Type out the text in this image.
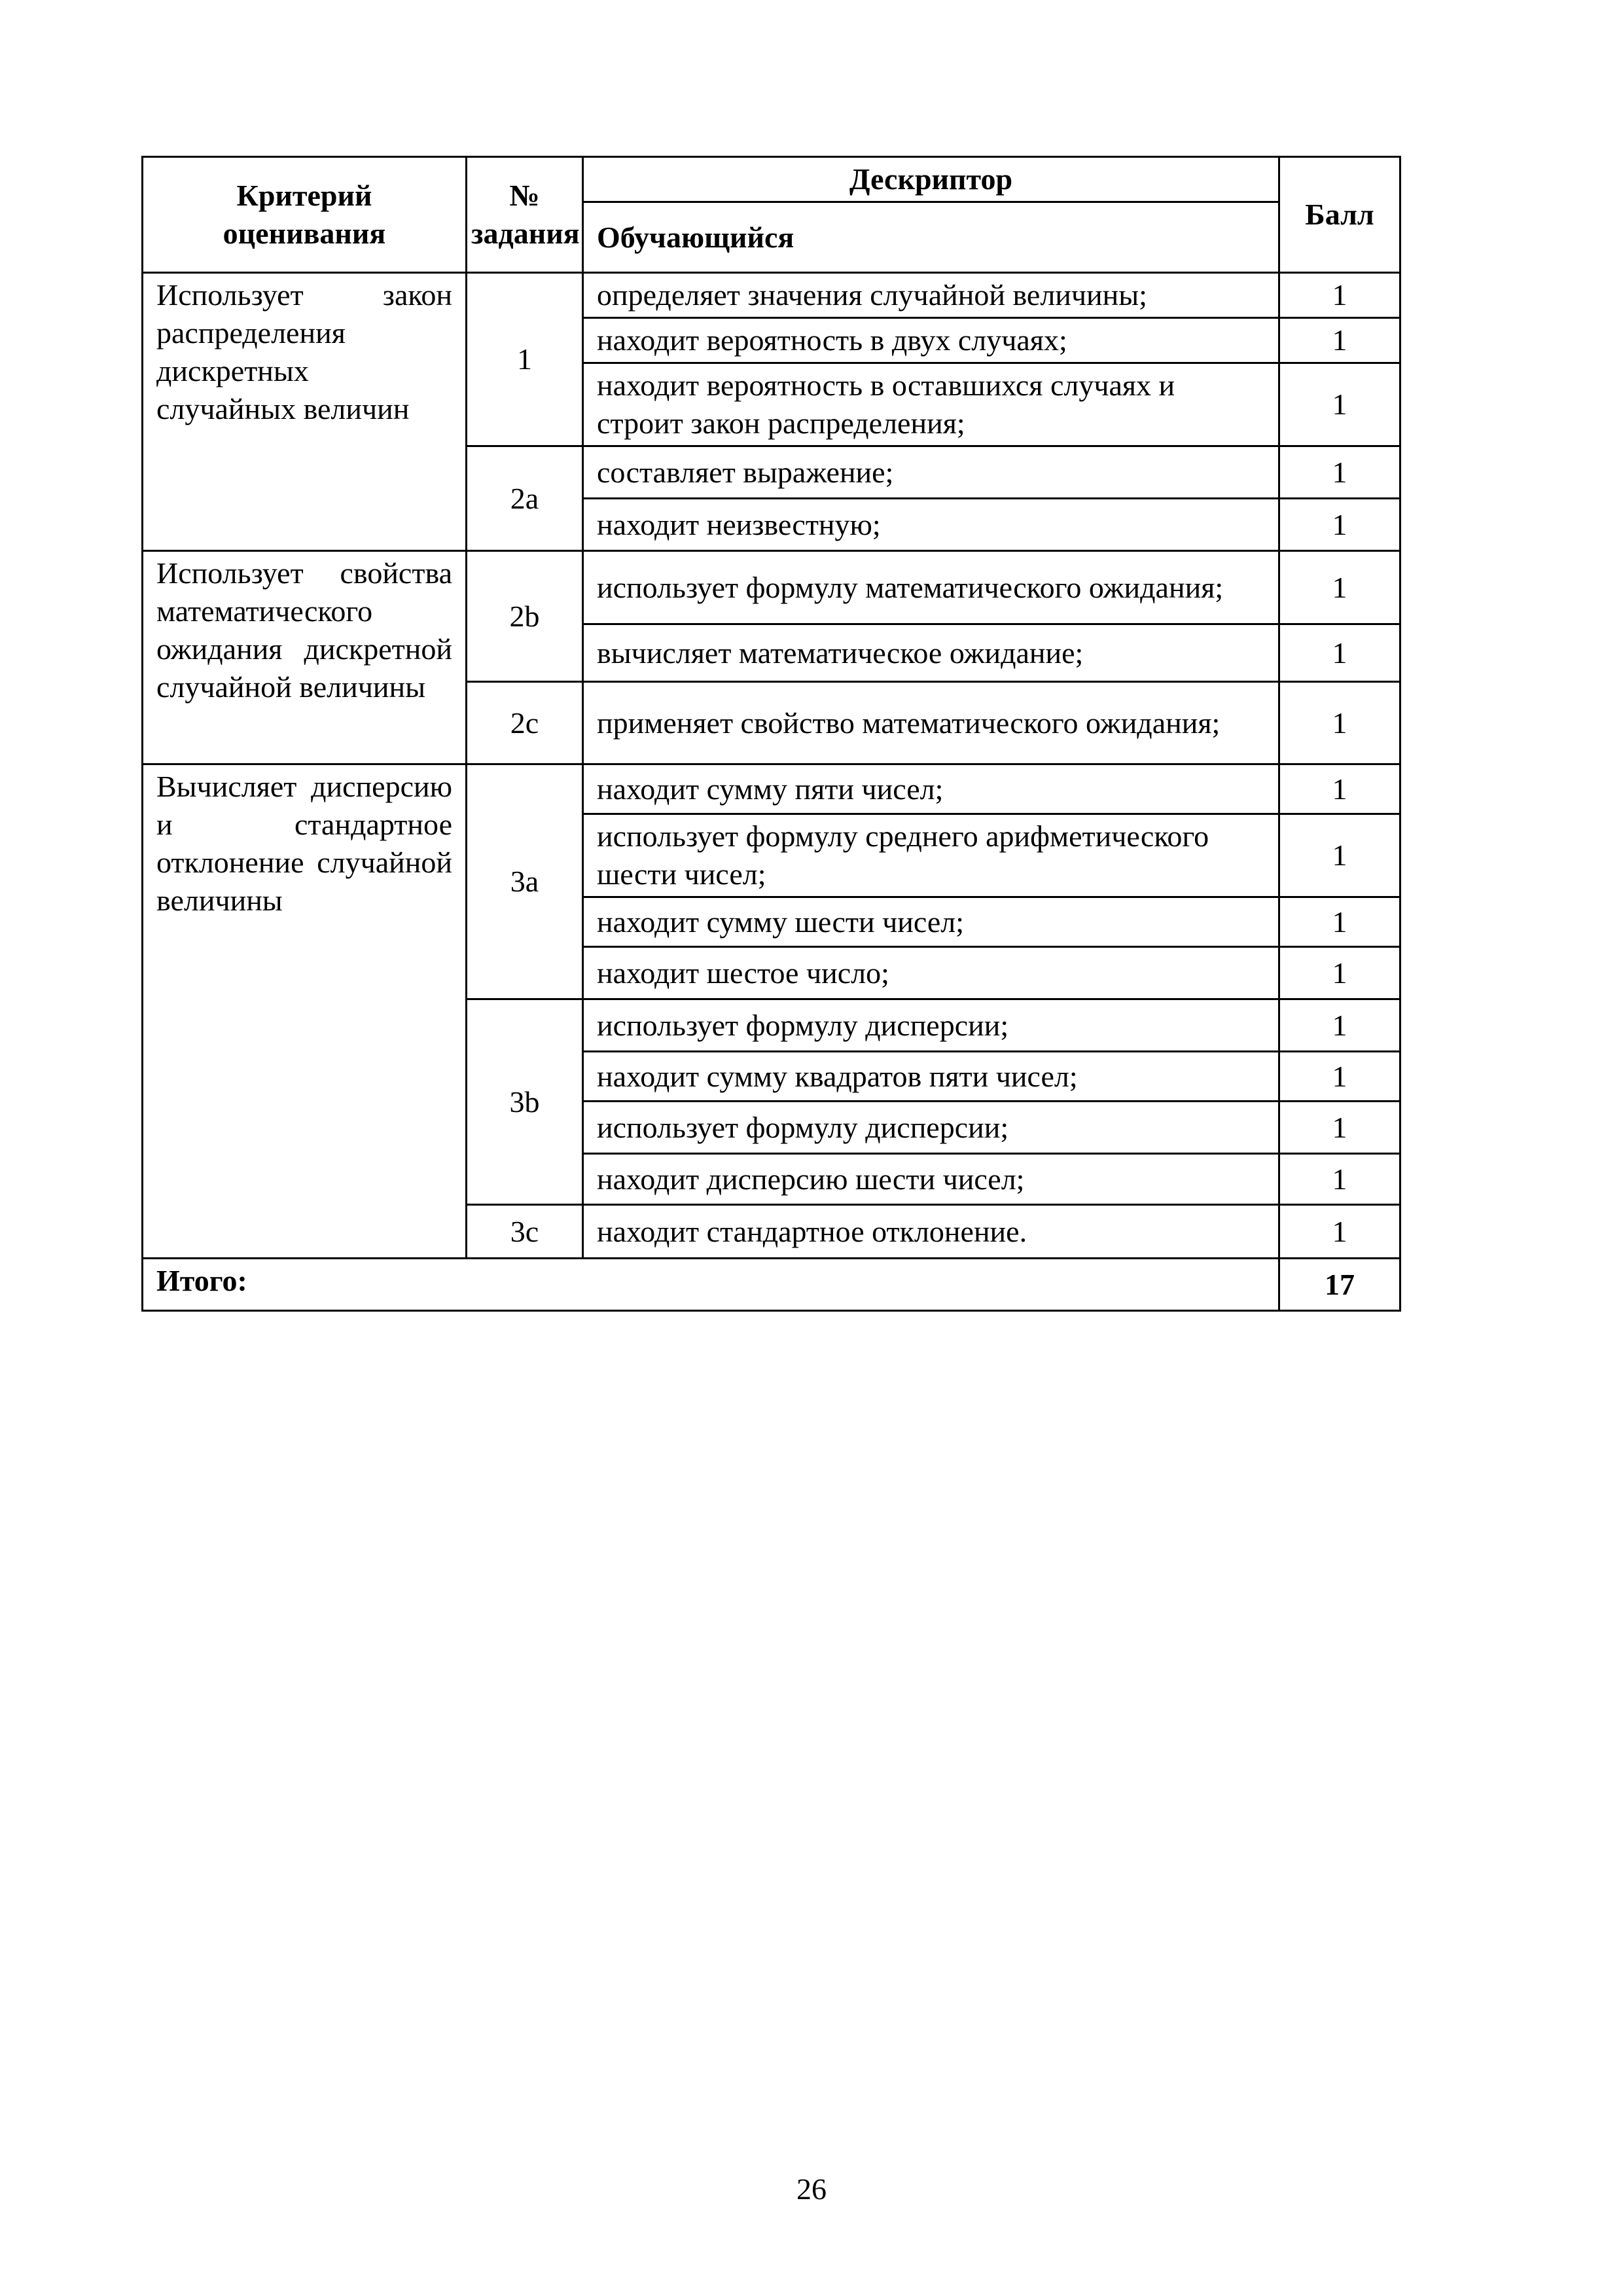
Критерий оценивания	№ задания	Дескриптор	Балл
		Обучающийся	
Использует закон распределения дискретных случайных величин	1	определяет значения случайной величины;	1
		находит вероятность в двух случаях;	1
		находит вероятность в оставшихся случаях и строит закон распределения;	1
	2a	составляет выражение;	1
		находит неизвестную;	1
Использует свойства математического ожидания дискретной случайной величины	2b	использует формулу математического ожидания;	1
		вычисляет математическое ожидание;	1
	2c	применяет свойство математического ожидания;	1
Вычисляет дисперсию и стандартное отклонение случайной величины	3a	находит сумму пяти чисел;	1
		использует формулу среднего арифметического шести чисел;	1
		находит сумму шести чисел;	1
		находит шестое число;	1
	3b	использует формулу дисперсии;	1
		находит сумму квадратов пяти чисел;	1
		использует формулу дисперсии;	1
		находит дисперсию шести чисел;	1
	3c	находит стандартное отклонение.	1
Итого:			17
26
